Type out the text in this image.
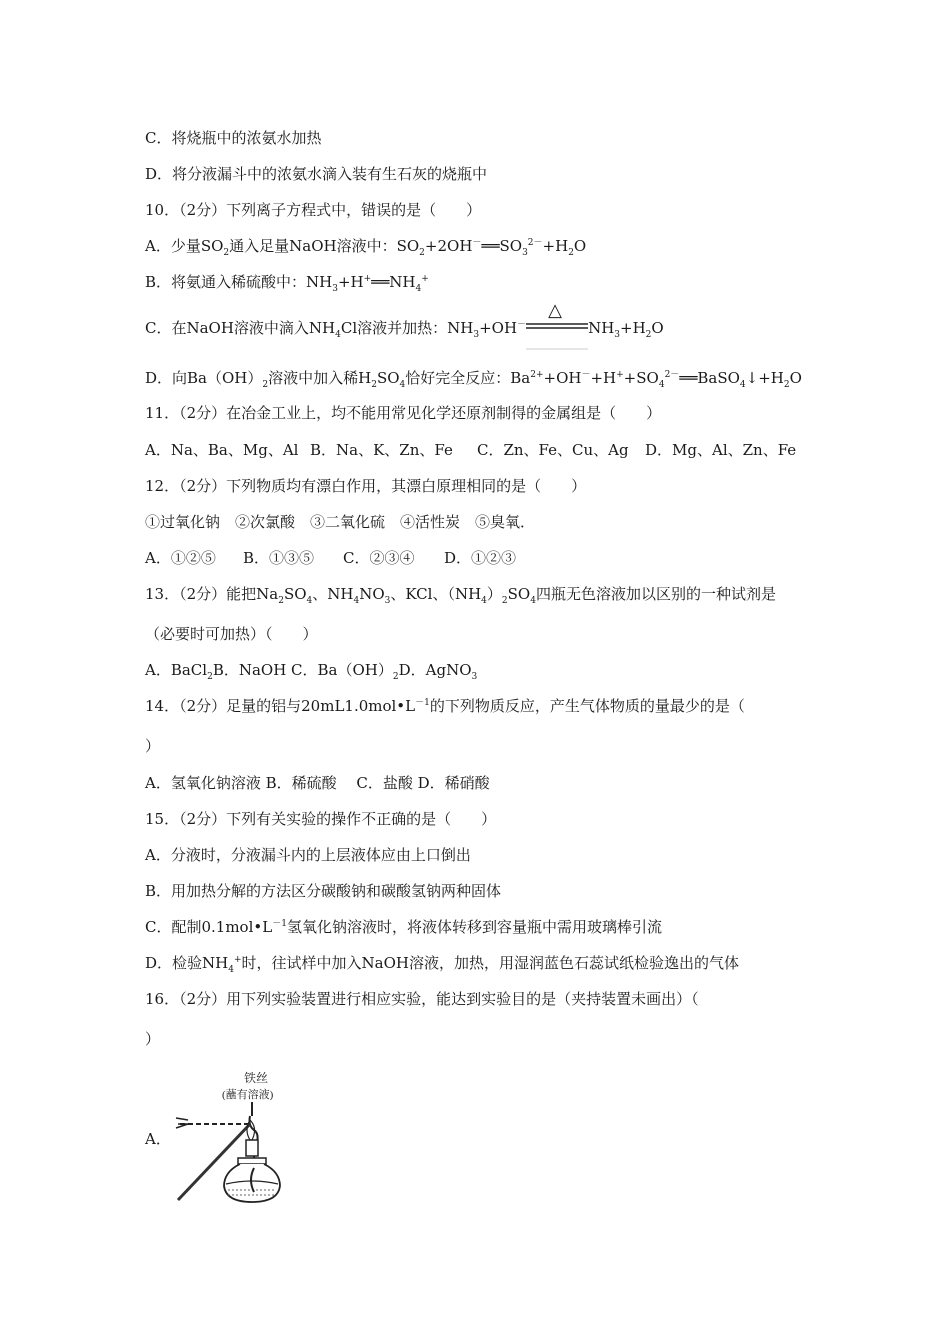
C．将烧瓶中的浓氨水加热
D．将分液漏斗中的浓氨水滴入装有生石灰的烧瓶中
10．（2分）下列离子方程式中，错误的是（　　）
A．少量$SO_2$通入足量NaOH溶液中：$SO_2+2OH^-══SO_3^{2-}+H_2O$
B．将氨通入稀硫酸中：$NH_3+H^+══NH_4^+$
C．在NaOH溶液中滴入$NH_4Cl$溶液并加热：$NH_3+OH^-$
△
$NH_3+H_2O$
D．向$Ba(OH)_2$溶液中加入稀$H_2SO_4$恰好完全反应：$Ba^{2+}+OH^-+H^++SO_4^{2-}══BaSO_4↓+H_2O$
11．（2分）在冶金工业上，均不能用常见化学还原剂制得的金属组是（　　）
A．Na、Ba、Mg、Al B．Na、K、Zn、Fe C．Zn、Fe、Cu、Ag D．Mg、Al、Zn、Fe
12．（2分）下列物质均有漂白作用，其漂白原理相同的是（　　）
①过氧化钠　②次氯酸　③二氧化硫　④活性炭　⑤臭氧．
A．①②⑤ B．①③⑤ C．②③④ D．①②③
13．（2分）能把$Na_2SO_4$、$NH_4NO_3$、KCl、$(NH_4)_2SO_4$四瓶无色溶液加以区别的一种试剂是
（必要时可加热）（　　）
A．BaCl$_2$B．NaOH C．$Ba(OH)_2D$．AgNO$_3$
14．（2分）足量的铝与$20mL1.0mol•L^{-1}$的下列物质反应，产生气体物质的量最少的是（
）
A．氢氧化钠溶液 B．稀硫酸　 C．盐酸 D．稀硝酸
15．（2分）下列有关实验的操作不正确的是（　　）
A．分液时，分液漏斗内的上层液体应由上口倒出
B．用加热分解的方法区分碳酸钠和碳酸氢钠两种固体
C．配制$0.1mol•L^{-1}$氢氧化钠溶液时，将液体转移到容量瓶中需用玻璃棒引流
D．检验$NH_4^+$时，往试样中加入NaOH溶液，加热，用湿润蓝色石蕊试纸检验逸出的气体
16．（2分）用下列实验装置进行相应实验，能达到实验目的是（夹持装置未画出）（
）
A．
铁丝
(蘸有溶液)
